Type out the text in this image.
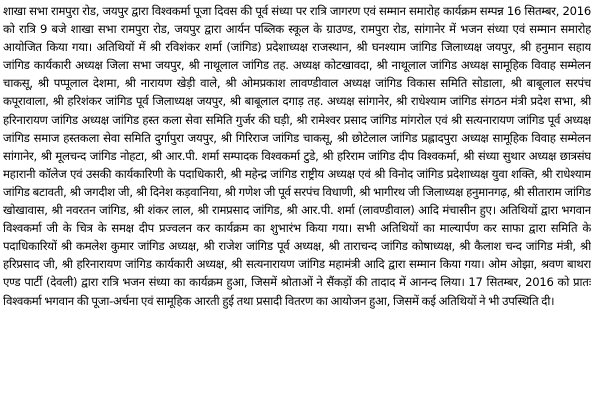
शाखा सभा रामपुरा रोड, जयपुर द्वारा विश्वकर्मा पूजा दिवस की पूर्व संध्या पर रात्रि जागरण एवं सम्मान समारोह कार्यक्रम सम्पन्न 16 सितम्बर, 2016 को रात्रि 9 बजे शाखा सभा रामपुरा रोड, जयपुर द्वारा आर्यन पब्लिक स्कूल के ग्राउण्ड, रामपुरा रोड, सांगानेर में भजन संध्या एवं सम्मान समारोह आयोजित किया गया। अतिथियों में श्री रविशंकर शर्मा (जांगिड) प्रदेशाध्यक्ष राजस्थान, श्री घनश्याम जांगिड जिलाध्यक्ष जयपुर, श्री हनुमान सहाय जांगिड कार्यकारी अध्यक्ष जिला सभा जयपुर, श्री नाथूलाल जांगिड तह. अध्यक्ष कोटखावदा, श्री नाथूलाल जांगिड अध्यक्ष सामूहिक विवाह सम्मेलन चाकसू, श्री पप्पूलाल देशमा, श्री नारायण खेड़ी वाले, श्री ओमप्रकाश लावण्डीवाल अध्यक्ष जांगिड विकास समिति सोडाला, श्री बाबूलाल सरपंच कपूरावाला, श्री हरिशंकर जांगिड पूर्व जिलाध्यक्ष जयपुर, श्री बाबूलाल दगाड़ तह. अध्यक्ष सांगानेर, श्री राधेश्याम जांगिड संगठन मंत्री प्रदेश सभा, श्री हरिनारायण जांगिड अध्यक्ष जांगिड हस्त कला सेवा समिति गुर्जर की घड़ी, श्री रामेश्वर प्रसाद जांगिड मांगरोल एवं श्री सत्यनारायण जांगिड पूर्व अध्यक्ष जांगिड समाज हस्तकला सेवा समिति दुर्गापुरा जयपुर, श्री गिरिराज जांगिड चाकसू, श्री छोटेलाल जांगिड प्रह्लादपुरा अध्यक्ष सामूहिक विवाह सम्मेलन सांगानेर, श्री मूलचन्द जांगिड नोहटा, श्री आर.पी. शर्मा सम्पादक विश्वकर्मा टुडे, श्री हरिराम जांगिड दीप विश्वकर्मा, श्री संध्या सुथार अध्यक्ष छात्रसंघ महारानी कॉलेज एवं उसकी कार्यकारिणी के पदाधिकारी, श्री महेन्द्र जांगिड राष्ट्रीय अध्यक्ष एवं श्री विनोद जांगिड प्रदेशाध्यक्ष युवा शक्ति, श्री राधेश्याम जांगिड बटावती, श्री जगदीश जी, श्री दिनेश कड़वानिया, श्री गणेश जी पूर्व सरपंच विधाणी, श्री भागीरथ जी जिलाध्यक्ष हनुमानगढ़, श्री सीताराम जांगिड खोखावास, श्री नवरतन जांगिड, श्री शंकर लाल, श्री रामप्रसाद जांगिड, श्री आर.पी. शर्मा (लावण्डीवाल) आदि मंचासीन हुए। अतिथियों द्वारा भगवान विश्वकर्मा जी के चित्र के समक्ष दीप प्रज्वलन कर कार्यक्रम का शुभारंभ किया गया। सभी अतिथियों का माल्यार्पण कर साफा द्वारा समिति के पदाधिकारियों श्री कमलेश कुमार जांगिड अध्यक्ष, श्री राजेश जांगिड पूर्व अध्यक्ष, श्री ताराचन्द जांगिड कोषाध्यक्ष, श्री कैलाश चन्द जांगिड मंत्री, श्री हरिप्रसाद जी, श्री हरिनारायण जांगिड कार्यकारी अध्यक्ष, श्री सत्यनारायण जांगिड महामंत्री आदि द्वारा सम्मान किया गया। ओम ओझा, श्रवण बाथरा एण्ड पार्टी (देवली) द्वारा रात्रि भजन संध्या का कार्यक्रम हुआ, जिसमें श्रोताओं ने सैंकड़ों की तादाद में आनन्द लिया। 17 सितम्बर, 2016 को प्रातः विश्वकर्मा भगवान की पूजा-अर्चना एवं सामूहिक आरती हुई तथा प्रसादी वितरण का आयोजन हुआ, जिसमें कई अतिथियों ने भी उपस्थिति दी।
